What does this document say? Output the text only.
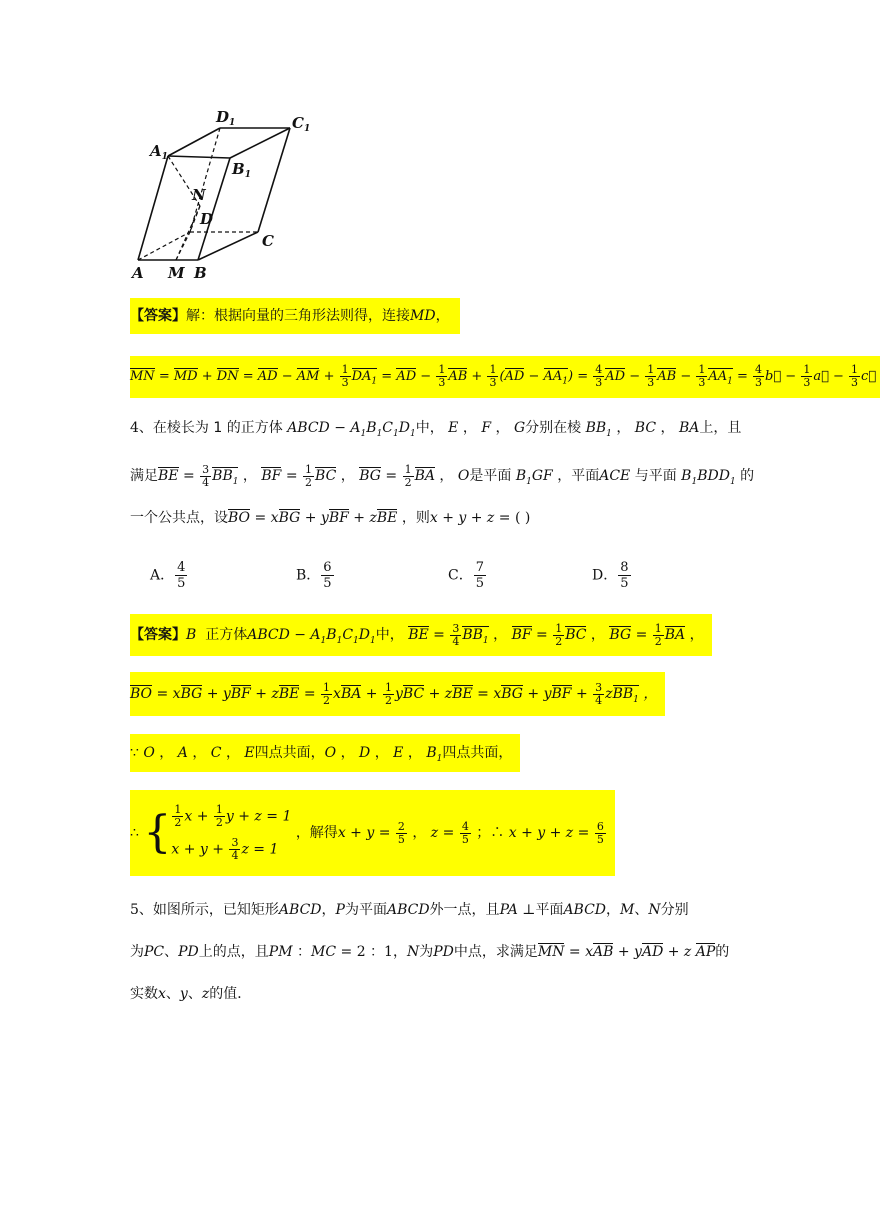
$D_1$	$C_1$
$A_1$
$B_1$
N
D
C
A M B
【答案】解：根据向量的三角形法则得，连接MD，
MN = MD + DN = AD − AM + $\frac{1}{3} DA_1$ = AD − $\frac{1}{3}$ AB + $\frac{1}{3} (AD - AA_1) = \frac{4}{3}$ AD − $\frac{1}{3}$ AB − $\frac{1}{3} AA_1 = \frac{4}{3}$ b⃗ − $\frac{1}{3}$ a⃗ − $\frac{1}{3}$ c⃗
4、在棱长为 1 的正方体 ABCD − $A_1B_1C_1D_1$中， E ， F ， G分别在棱 $BB_1$ ， BC ， BA上，且
满足BE = $\frac{3}{4} BB_1$ ， BF = $\frac{1}{2}$ BC ， BG = $\frac{1}{2}$ BA ， O是平面 $B_1GF$ ，平面ACE 与平面 $B_1BDD_1$ 的
一个公共点，设BO = xBG + yBF + zBE ，则x + y + z = ( )
A． $\frac{4}{5}$	B． $\frac{6}{5}$	C． $\frac{7}{5}$	D． $\frac{8}{5}$
【答案】B 正方体ABCD − $A_1B_1C_1D_1$中， BE = $\frac{3}{4} BB_1$ ， BF = $\frac{1}{2}$ BC ， BG = $\frac{1}{2}$ BA ，
BO = xBG + yBF + zBE = $\frac{1}{2}$ xBA + $\frac{1}{2}$ yBC + zBE = xBG + yBF + $\frac{3}{4} zBB_1$ ，
∵ O ， A ， C ， E四点共面，O ， D ， E ， $B_1$四点共面，
∴ { $\frac{1}{2}$ $x + \frac{1}{2}$ y + z = 1
$x + y + \frac{3}{4}$ z = 1
，解得$x + y = \frac{2}{5}$ ， $z = \frac{4}{5}$ ；∴ $x + y + z = \frac{6}{5}$
5、如图所示，已知矩形ABCD，P为平面ABCD外一点，且PA ⊥平面ABCD，M、N分别
为PC、PD上的点，且PM ：MC = 2 ：1，N为PD中点，求满足MN = xAB + yAD + z AP的
实数x、y、z的值．
